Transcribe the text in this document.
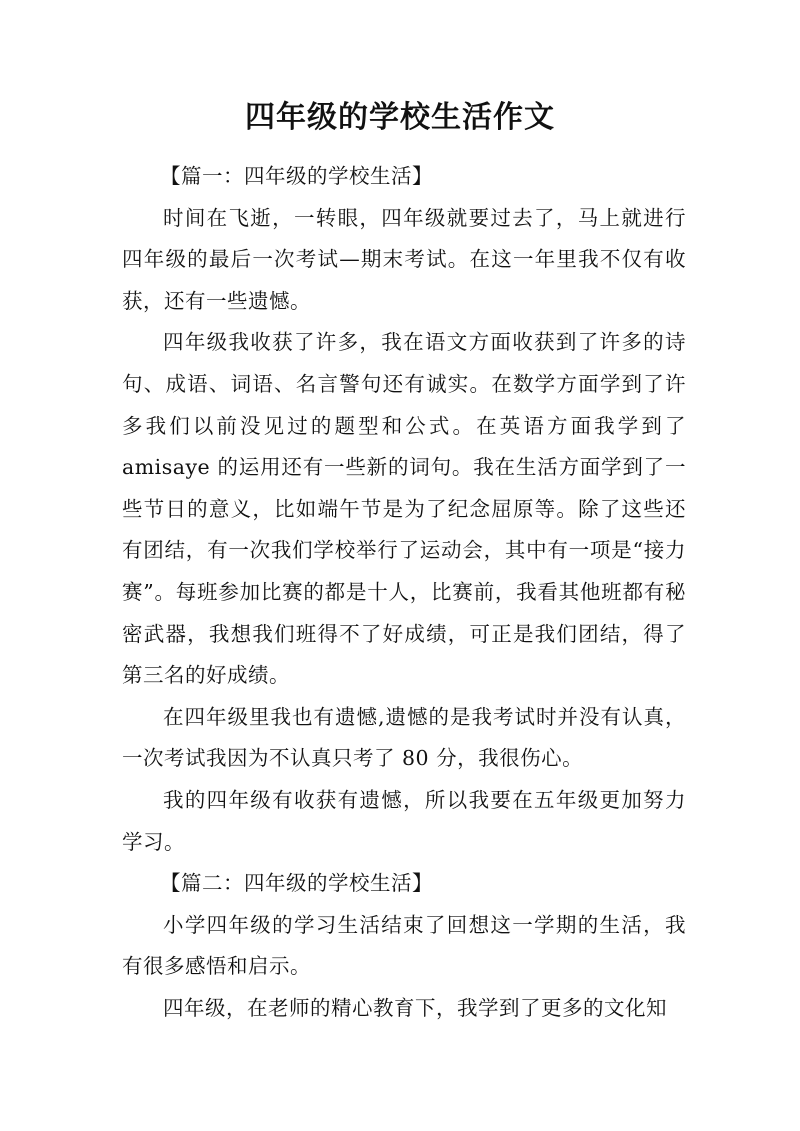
四年级的学校生活作文

【篇一：四年级的学校生活】

时间在飞逝，一转眼，四年级就要过去了，马上就进行四年级的最后一次考试—期末考试。在这一年里我不仅有收获，还有一些遗憾。

四年级我收获了许多，我在语文方面收获到了许多的诗句、成语、词语、名言警句还有诚实。在数学方面学到了许多我们以前没见过的题型和公式。在英语方面我学到了 amisaye 的运用还有一些新的词句。我在生活方面学到了一些节日的意义，比如端午节是为了纪念屈原等。除了这些还有团结，有一次我们学校举行了运动会，其中有一项是“接力赛”。每班参加比赛的都是十人，比赛前，我看其他班都有秘密武器，我想我们班得不了好成绩，可正是我们团结，得了第三名的好成绩。

在四年级里我也有遗憾,遗憾的是我考试时并没有认真，一次考试我因为不认真只考了 80 分，我很伤心。

我的四年级有收获有遗憾，所以我要在五年级更加努力学习。

【篇二：四年级的学校生活】

小学四年级的学习生活结束了回想这一学期的生活，我有很多感悟和启示。

四年级，在老师的精心教育下，我学到了更多的文化知
